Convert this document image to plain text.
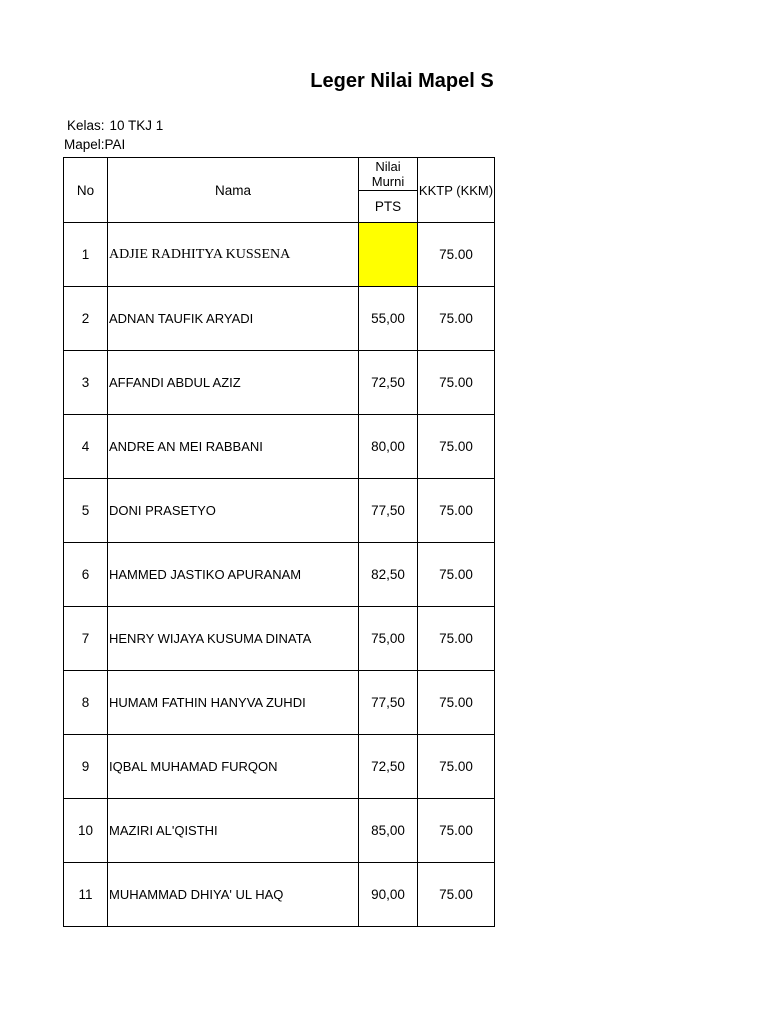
Leger Nilai Mapel S
Kelas: 10 TKJ 1
Mapel:PAI
No	Nama	Nilai Murni	KKTP (KKM)
		PTS	
1	ADJIE RADHITYA KUSSENA		75.00
2	ADNAN TAUFIK ARYADI	55,00	75.00
3	AFFANDI ABDUL AZIZ	72,50	75.00
4	ANDRE AN MEI RABBANI	80,00	75.00
5	DONI PRASETYO	77,50	75.00
6	HAMMED JASTIKO APURANAM	82,50	75.00
7	HENRY WIJAYA KUSUMA DINATA	75,00	75.00
8	HUMAM FATHIN HANYVA ZUHDI	77,50	75.00
9	IQBAL MUHAMAD FURQON	72,50	75.00
10	MAZIRI AL'QISTHI	85,00	75.00
11	MUHAMMAD DHIYA' UL HAQ	90,00	75.00
